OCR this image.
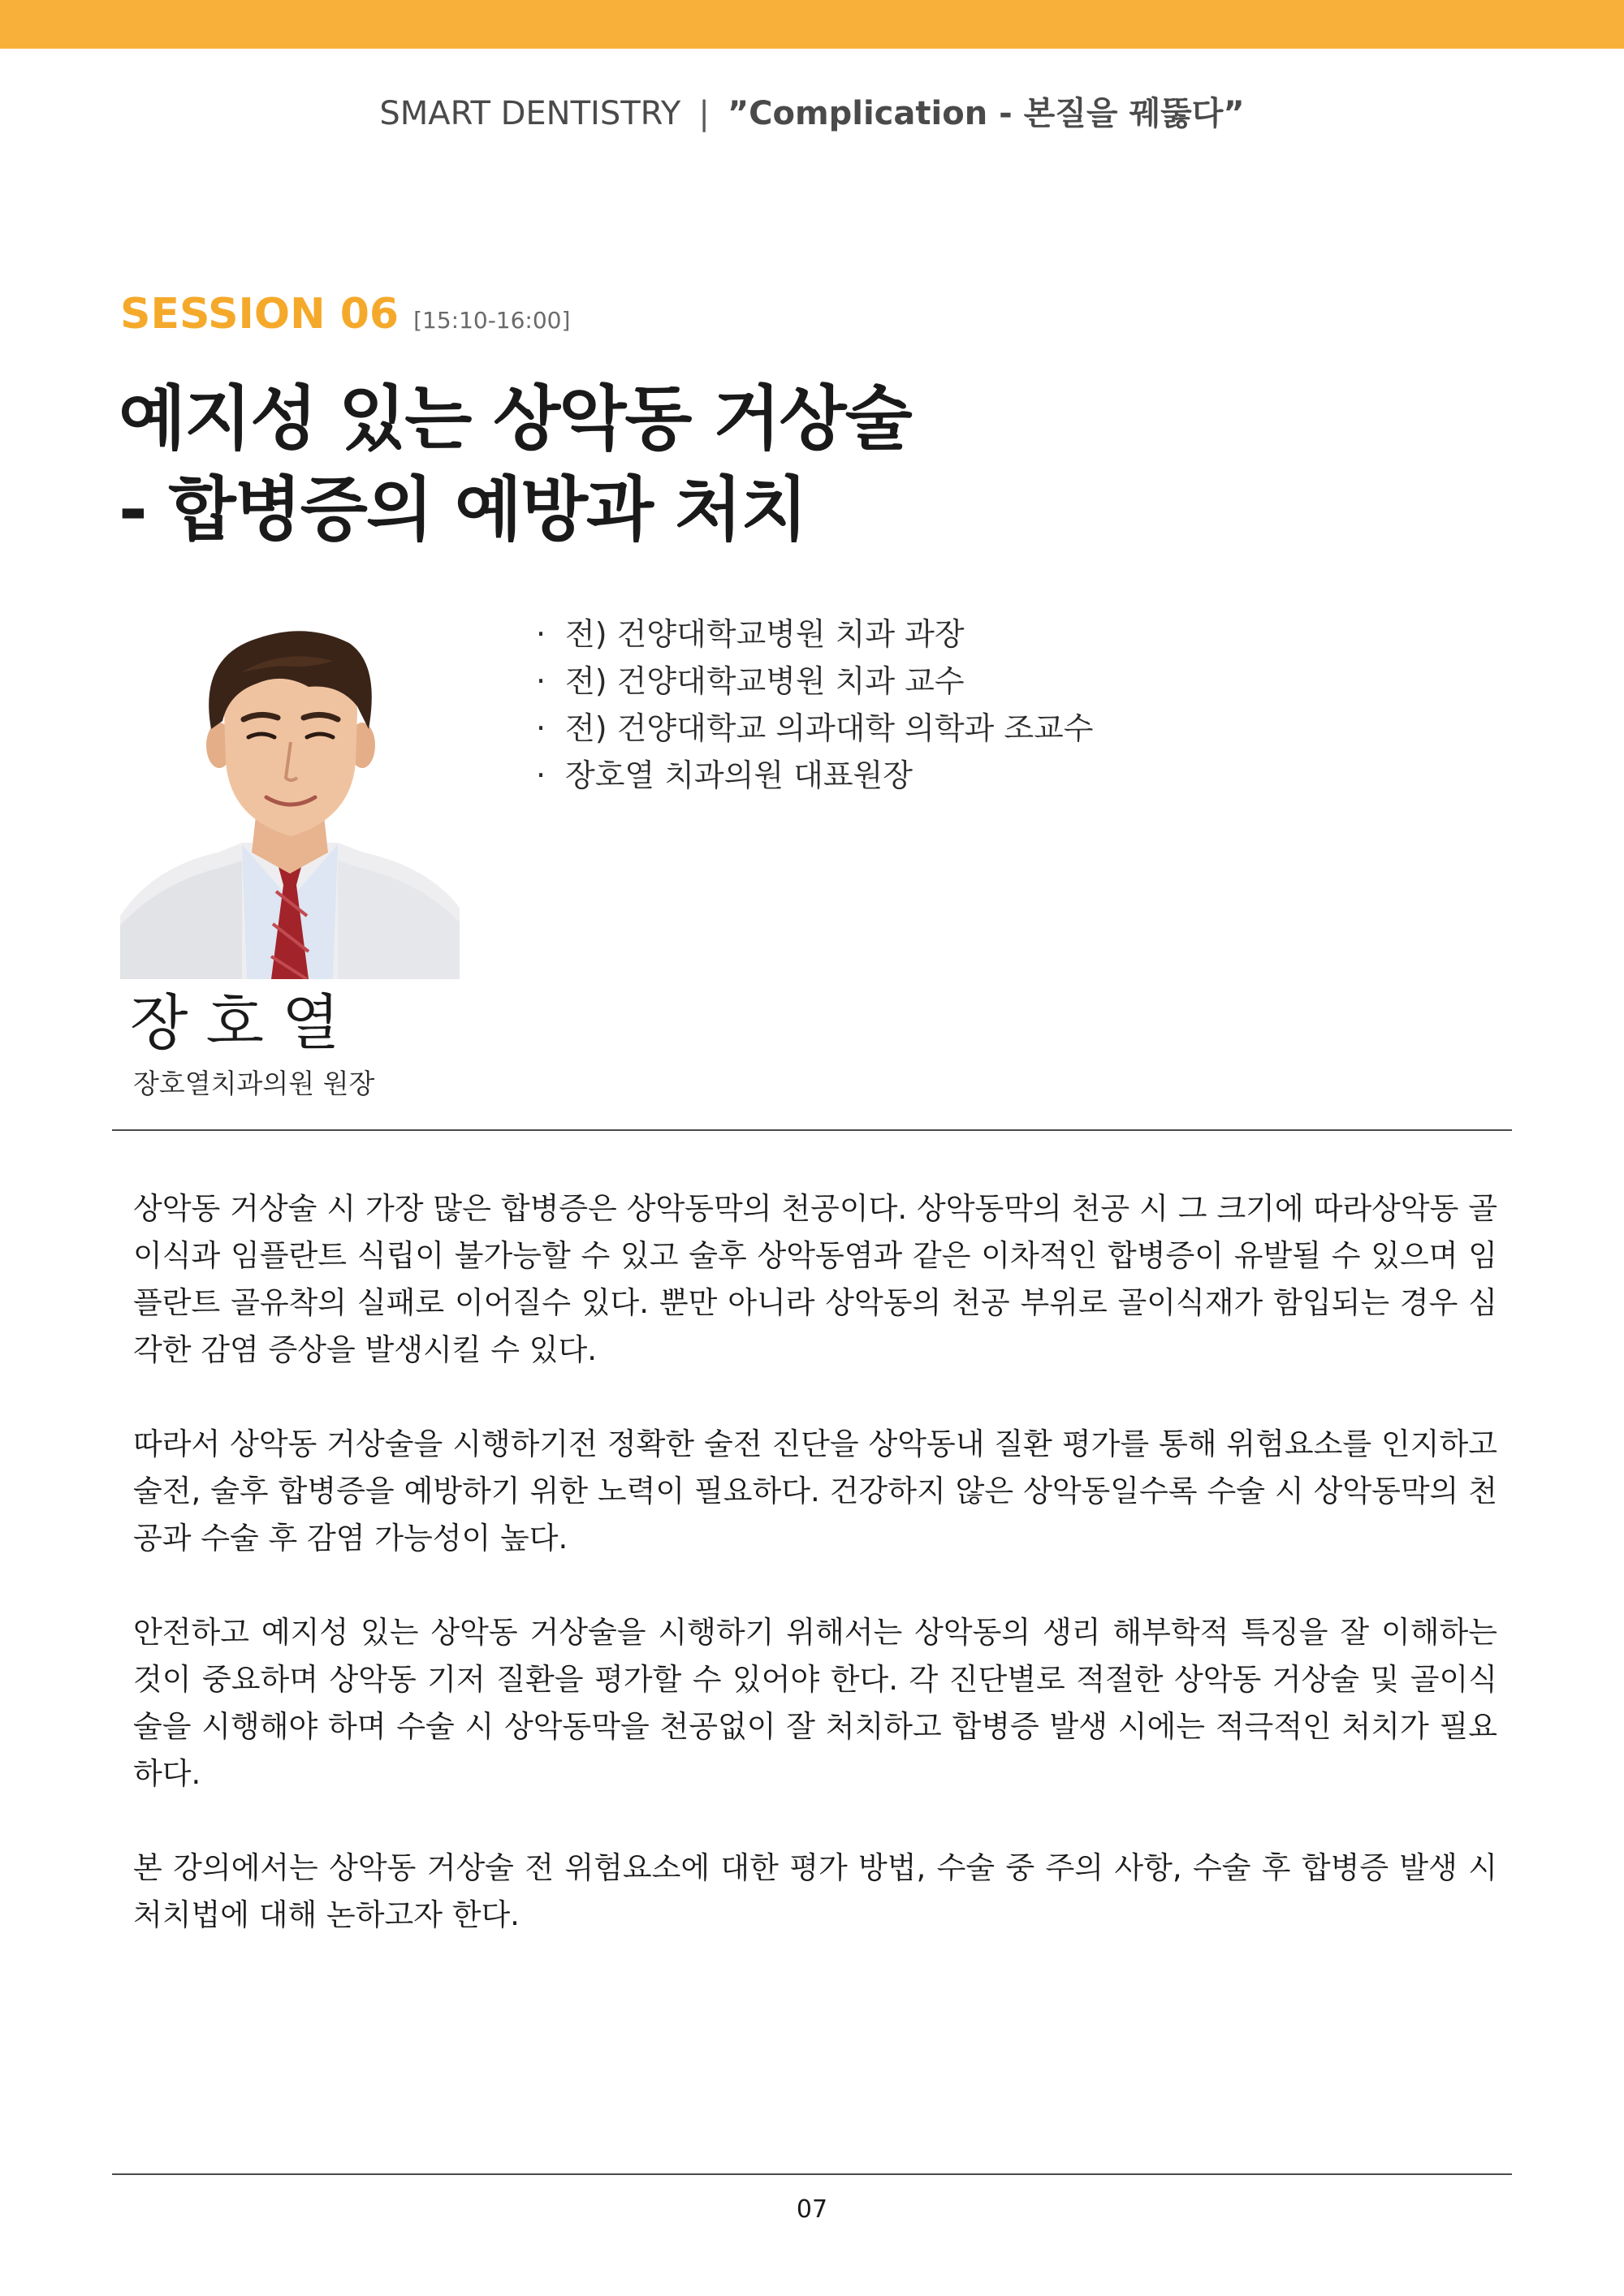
SMART DENTISTRY | ”Complication - 본질을 꿰뚫다”
SESSION 06 [15:10-16:00]
예지성 있는 상악동 거상술
- 합병증의 예방과 처치
· 전) 건양대학교병원 치과 과장
· 전) 건양대학교병원 치과 교수
· 전) 건양대학교 의과대학 의학과 조교수
· 장호열 치과의원 대표원장
장호열
장호열치과의원 원장

상악동 거상술 시 가장 많은 합병증은 상악동막의 천공이다. 상악동막의 천공 시 그 크기에 따라상악동 골이식과 임플란트 식립이 불가능할 수 있고 술후 상악동염과 같은 이차적인 합병증이 유발될 수 있으며 임플란트 골유착의 실패로 이어질수 있다. 뿐만 아니라 상악동의 천공 부위로 골이식재가 함입되는 경우 심각한 감염 증상을 발생시킬 수 있다.

따라서 상악동 거상술을 시행하기전 정확한 술전 진단을 상악동내 질환 평가를 통해 위험요소를 인지하고 술전, 술후 합병증을 예방하기 위한 노력이 필요하다. 건강하지 않은 상악동일수록 수술 시 상악동막의 천공과 수술 후 감염 가능성이 높다.

안전하고 예지성 있는 상악동 거상술을 시행하기 위해서는 상악동의 생리 해부학적 특징을 잘 이해하는 것이 중요하며 상악동 기저 질환을 평가할 수 있어야 한다. 각 진단별로 적절한 상악동 거상술 및 골이식술을 시행해야 하며 수술 시 상악동막을 천공없이 잘 처치하고 합병증 발생 시에는 적극적인 처치가 필요하다.

본 강의에서는 상악동 거상술 전 위험요소에 대한 평가 방법, 수술 중 주의 사항, 수술 후 합병증 발생 시 처치법에 대해 논하고자 한다.

07
